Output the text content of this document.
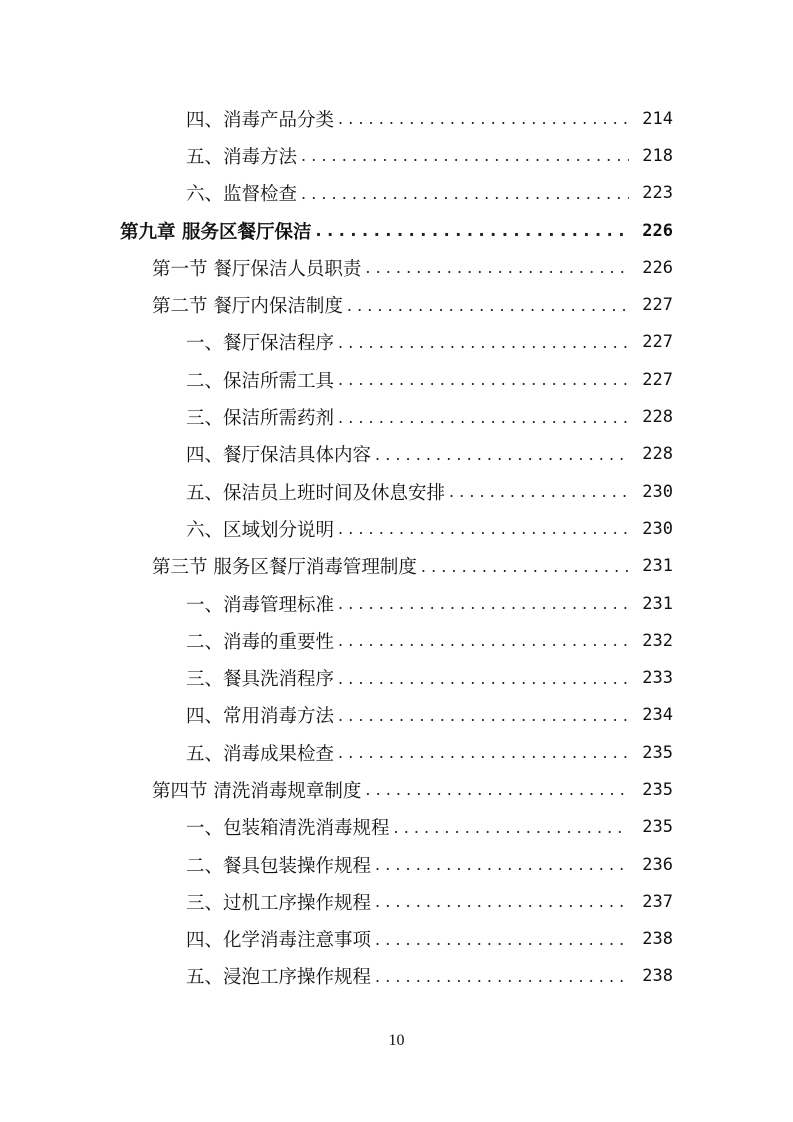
四、消毒产品分类 . . .	214
五、消毒方法 . . .	218
六、监督检查 . . .	223
第九章 服务区餐厅保洁 . . .	226
第一节 餐厅保洁人员职责 . . .	226
第二节 餐厅内保洁制度 . . .	227
一、餐厅保洁程序 . . .	227
二、保洁所需工具 . . .	227
三、保洁所需药剂 . . .	228
四、餐厅保洁具体内容 . . .	228
五、保洁员上班时间及休息安排 . . .	230
六、区域划分说明 . . .	230
第三节 服务区餐厅消毒管理制度 . . .	231
一、消毒管理标准 . . .	231
二、消毒的重要性 . . .	232
三、餐具洗消程序 . . .	233
四、常用消毒方法 . . .	234
五、消毒成果检查 . . .	235
第四节 清洗消毒规章制度 . . .	235
一、包装箱清洗消毒规程 . . .	235
二、餐具包装操作规程 . . .	236
三、过机工序操作规程 . . .	237
四、化学消毒注意事项 . . .	238
五、浸泡工序操作规程 . . .	238
10
